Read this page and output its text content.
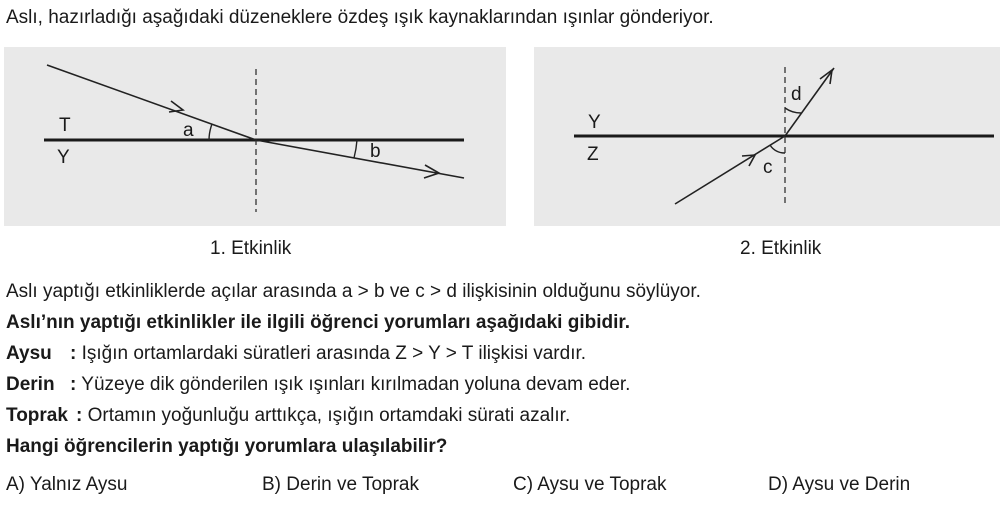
Aslı, hazırladığı aşağıdaki düzeneklere özdeş ışık kaynaklarından ışınlar gönderiyor.
T
Y
a
b
1. Etkinlik
Y
Z
d
c
2. Etkinlik
Aslı yaptığı etkinliklerde açılar arasında a > b ve c > d ilişkisinin olduğunu söylüyor.
Aslı’nın yaptığı etkinlikler ile ilgili öğrenci yorumları aşağıdaki gibidir.
Aysu : Işığın ortamlardaki süratleri arasında Z > Y > T ilişkisi vardır.
Derin : Yüzeye dik gönderilen ışık ışınları kırılmadan yoluna devam eder.
Toprak : Ortamın yoğunluğu arttıkça, ışığın ortamdaki sürati azalır.
Hangi öğrencilerin yaptığı yorumlara ulaşılabilir?
A) Yalnız Aysu	B) Derin ve Toprak	C) Aysu ve Toprak	D) Aysu ve Derin
